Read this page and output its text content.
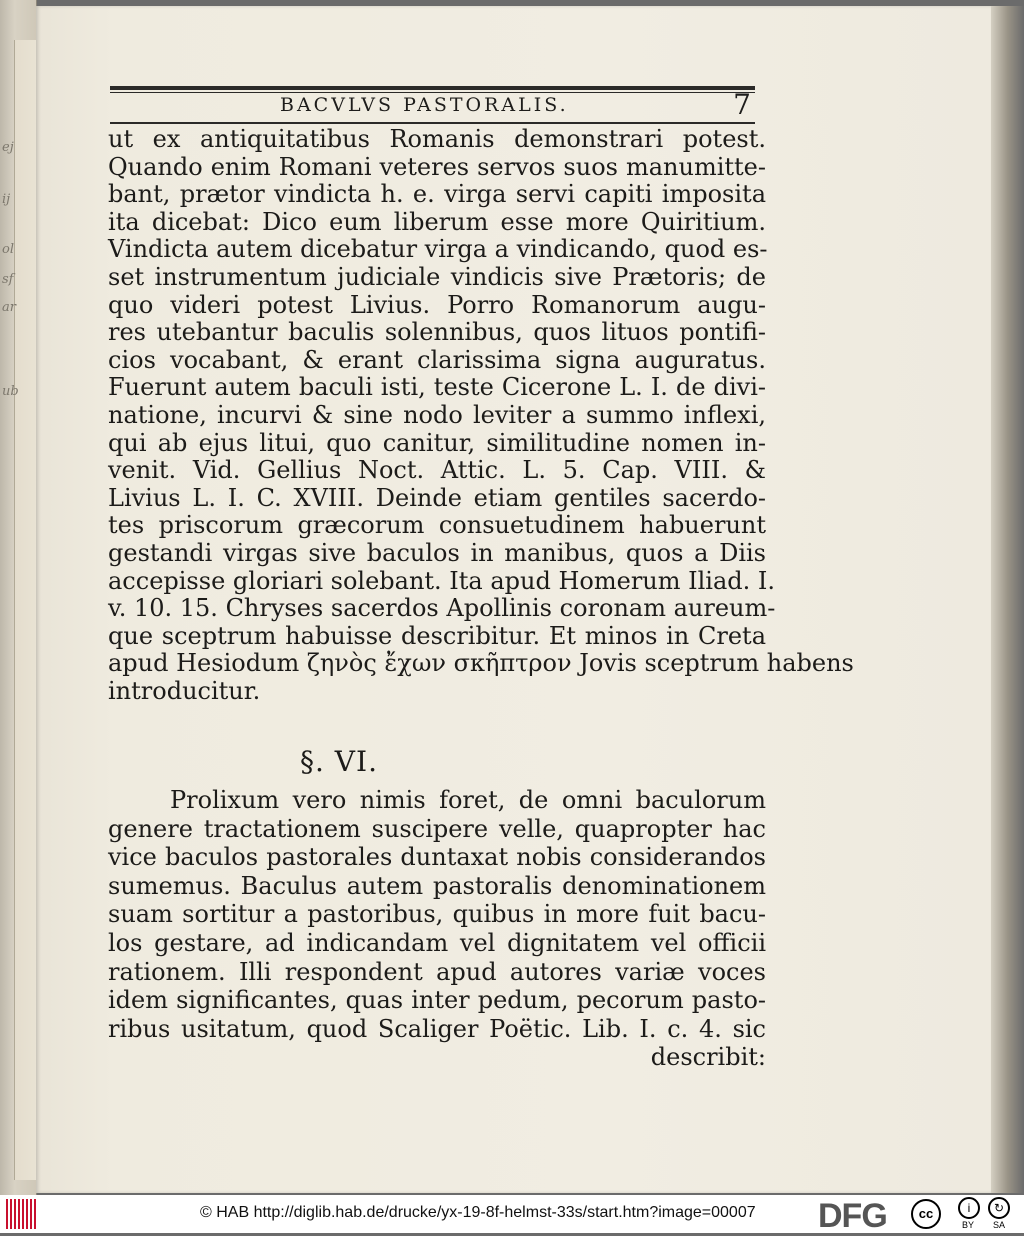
ej
ij
ol
sf
ar
ub
BACVLVS PASTORALIS.	7
ut ex antiquitatibus Romanis demonstrari potest.
Quando enim Romani veteres servos suos manumitte-
bant, prætor vindicta h. e. virga servi capiti imposita
ita dicebat: Dico eum liberum esse more Quiritium.
Vindicta autem dicebatur virga a vindicando, quod es-
set instrumentum judiciale vindicis sive Prætoris; de
quo videri potest Livius. Porro Romanorum augu-
res utebantur baculis solennibus, quos lituos pontifi-
cios vocabant, & erant clarissima signa auguratus.
Fuerunt autem baculi isti, teste Cicerone L. I. de divi-
natione, incurvi & sine nodo leviter a summo inflexi,
qui ab ejus litui, quo canitur, similitudine nomen in-
venit. Vid. Gellius Noct. Attic. L. 5. Cap. VIII. &
Livius L. I. C. XVIII. Deinde etiam gentiles sacerdo-
tes priscorum græcorum consuetudinem habuerunt
gestandi virgas sive baculos in manibus, quos a Diis
accepisse gloriari solebant. Ita apud Homerum Iliad. I.
v. 10. 15. Chryses sacerdos Apollinis coronam aureum-
que sceptrum habuisse describitur. Et minos in Creta
apud Hesiodum ζηνὸς ἔχων σκῆπτρον Jovis sceptrum habens
introducitur.
§. VI.
Prolixum vero nimis foret, de omni baculorum
genere tractationem suscipere velle, quapropter hac
vice baculos pastorales duntaxat nobis considerandos
sumemus. Baculus autem pastoralis denominationem
suam sortitur a pastoribus, quibus in more fuit bacu-
los gestare, ad indicandam vel dignitatem vel officii
rationem. Illi respondent apud autores variæ voces
idem significantes, quas inter pedum, pecorum pasto-
ribus usitatum, quod Scaliger Poëtic. Lib. I. c. 4. sic
describit:
© HAB http://diglib.hab.de/drucke/yx-19-8f-helmst-33s/start.htm?image=00007 DFG	cc	i	↻
BY SA
